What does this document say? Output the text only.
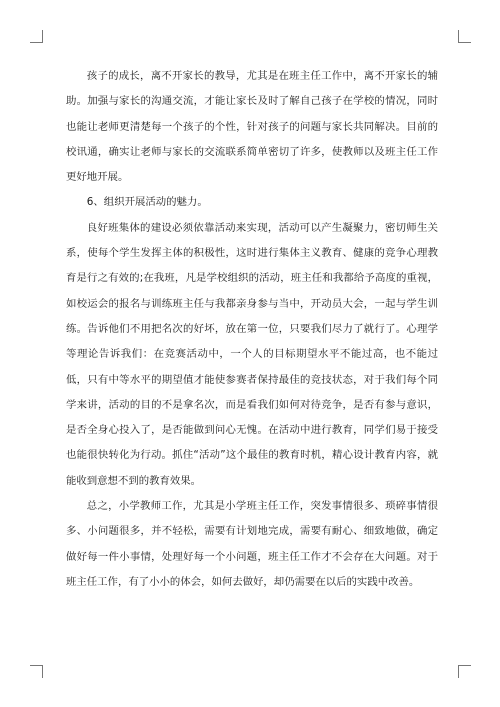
孩子的成长，离不开家长的教导，尤其是在班主任工作中，离不开家长的辅助。加强与家长的沟通交流，才能让家长及时了解自己孩子在学校的情况，同时也能让老师更清楚每一个孩子的个性，针对孩子的问题与家长共同解决。目前的校讯通，确实让老师与家长的交流联系简单密切了许多，使教师以及班主任工作更好地开展。

6、组织开展活动的魅力。

良好班集体的建设必须依靠活动来实现，活动可以产生凝聚力，密切师生关系，使每个学生发挥主体的积极性，这时进行集体主义教育、健康的竞争心理教育是行之有效的;在我班，凡是学校组织的活动，班主任和我都给予高度的重视，如校运会的报名与训练班主任与我都亲身参与当中，开动员大会，一起与学生训练。告诉他们不用把名次的好坏，放在第一位，只要我们尽力了就行了。心理学等理论告诉我们：在竞赛活动中，一个人的目标期望水平不能过高，也不能过低，只有中等水平的期望值才能使参赛者保持最佳的竞技状态，对于我们每个同学来讲，活动的目的不是拿名次，而是看我们如何对待竞争，是否有参与意识，是否全身心投入了，是否能做到问心无愧。在活动中进行教育，同学们易于接受也能很快转化为行动。抓住“活动”这个最佳的教育时机，精心设计教育内容，就能收到意想不到的教育效果。

总之，小学教师工作，尤其是小学班主任工作，突发事情很多、琐碎事情很多、小问题很多，并不轻松，需要有计划地完成，需要有耐心、细致地做，确定做好每一件小事情，处理好每一个小问题，班主任工作才不会存在大问题。对于班主任工作，有了小小的体会，如何去做好，却仍需要在以后的实践中改善。
